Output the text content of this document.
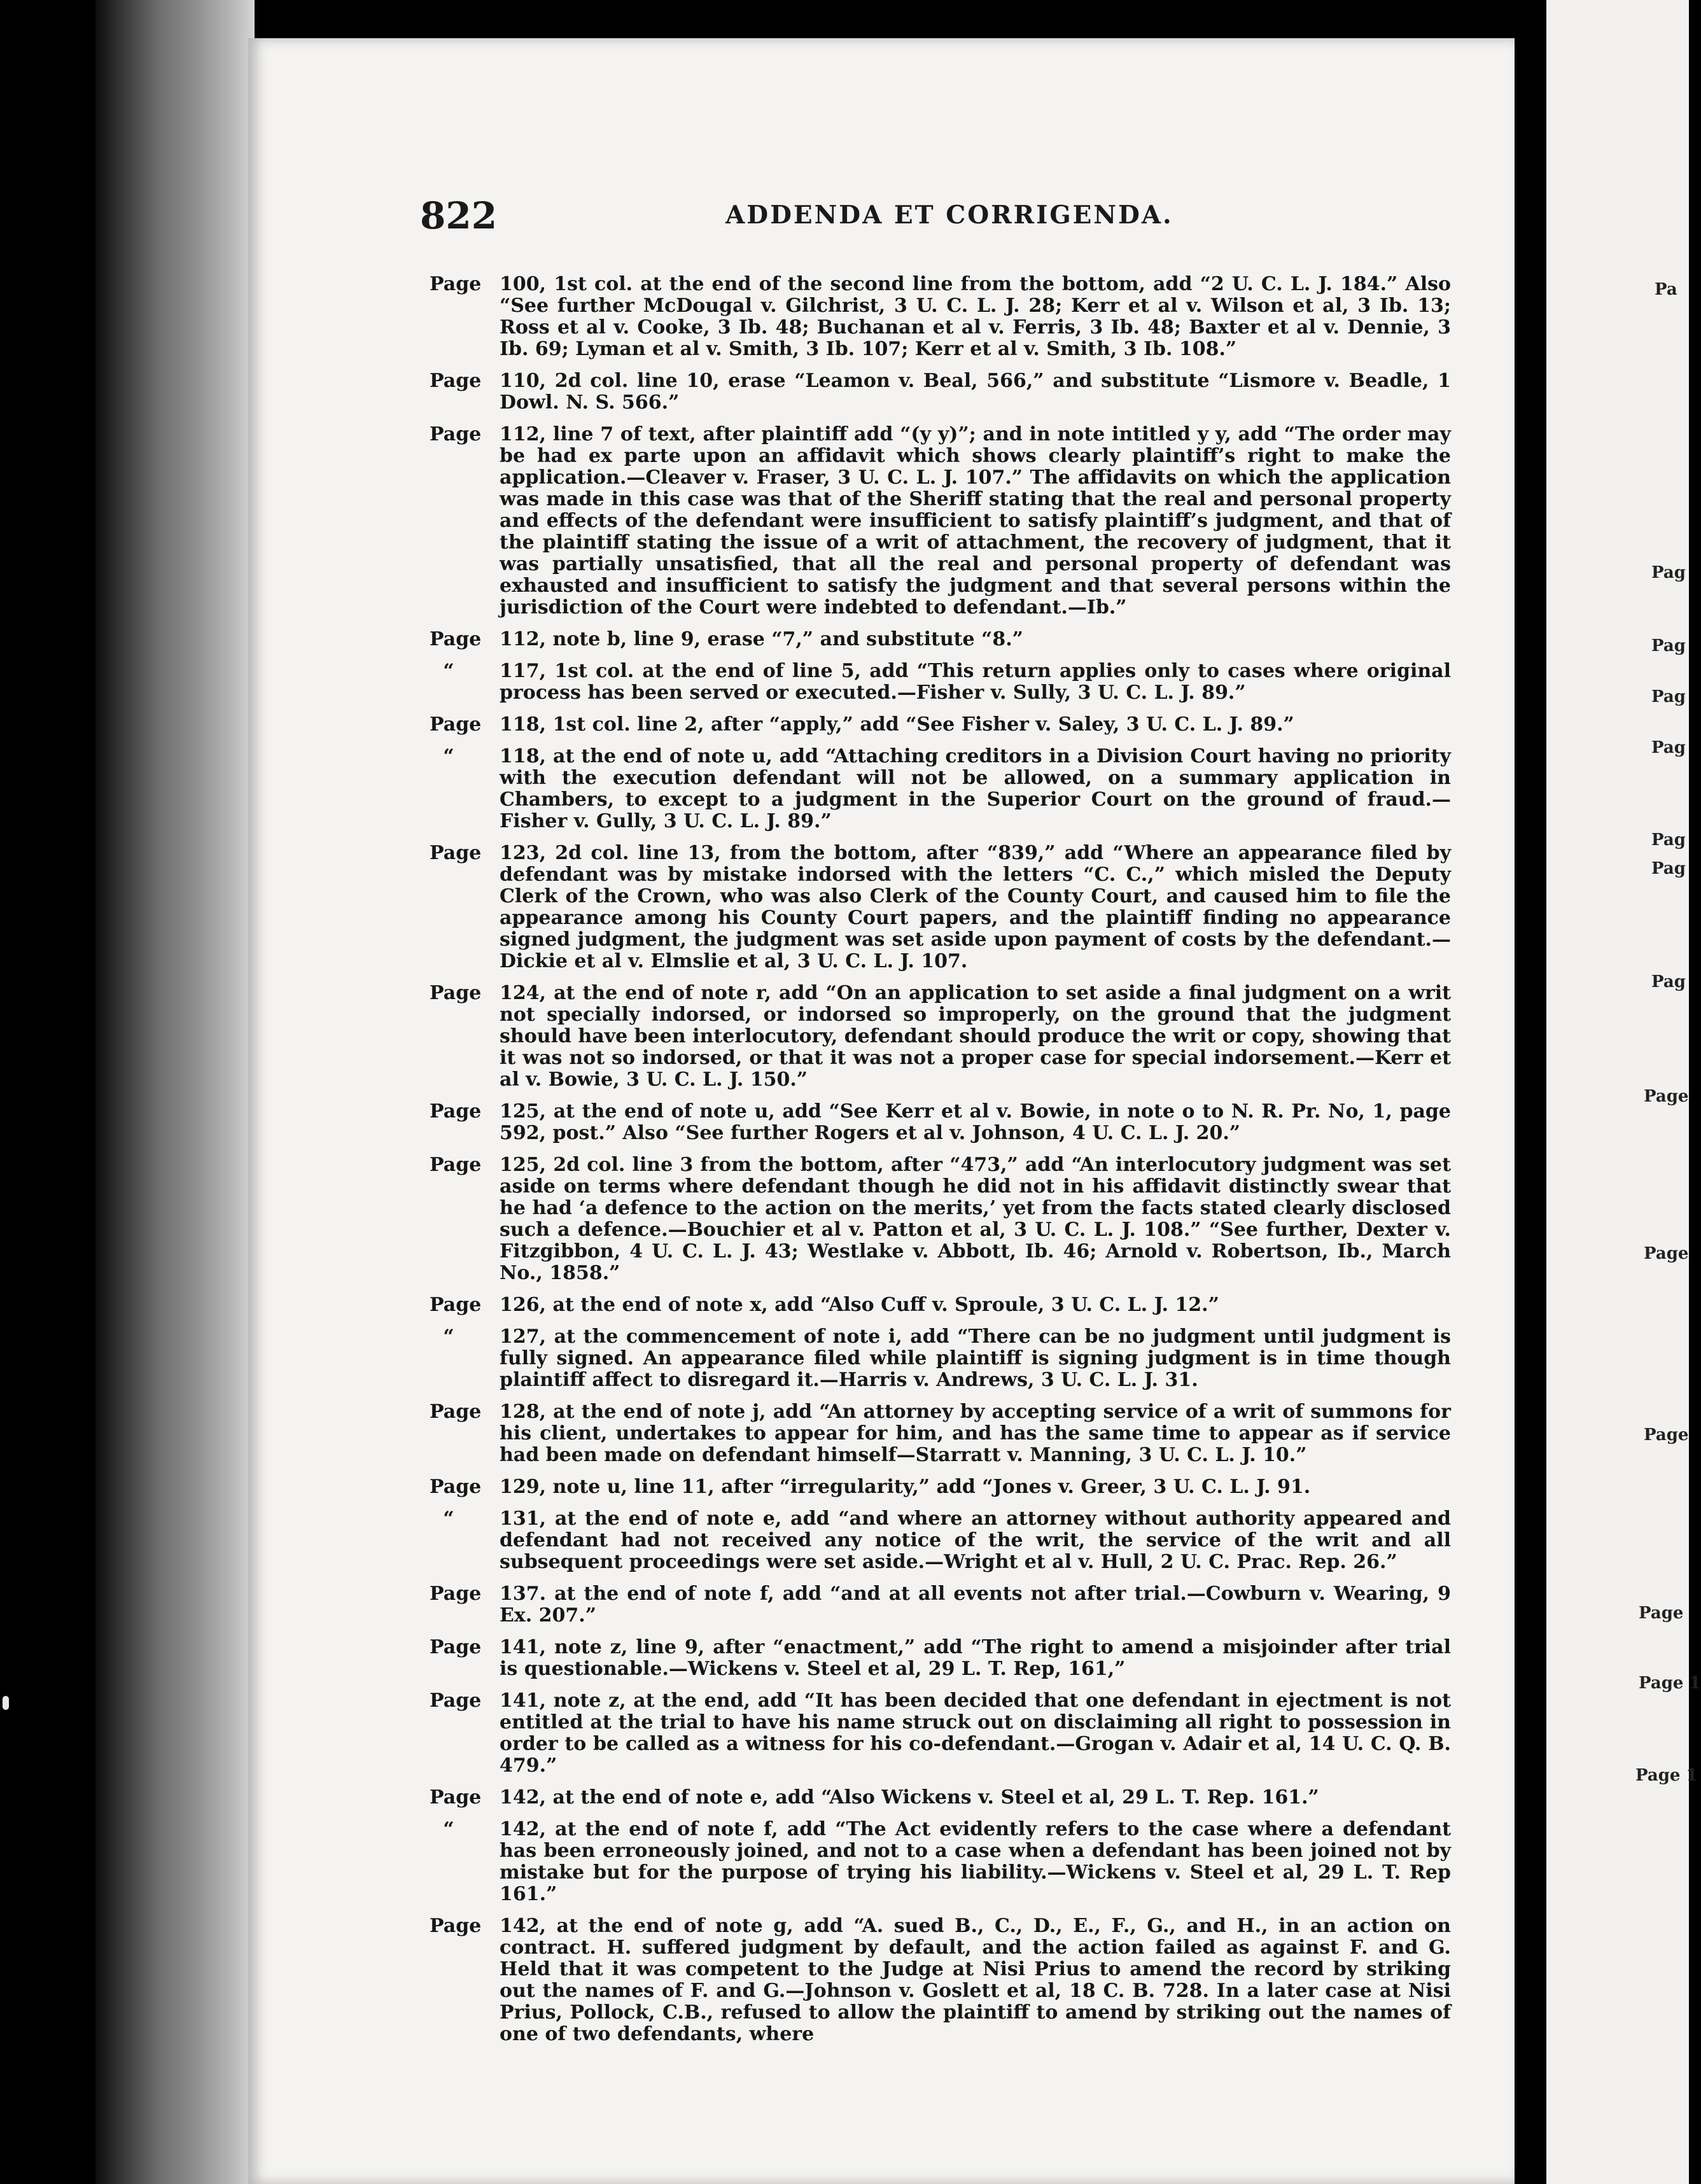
822	ADDENDA ET CORRIGENDA.
Page 100, 1st col. at the end of the second line from the bottom, add “2 U. C. L. J. 184.” Also “See further McDougal v. Gilchrist, 3 U. C. L. J. 28; Kerr et al v. Wilson et al, 3 Ib. 13; Ross et al v. Cooke, 3 Ib. 48; Buchanan et al v. Ferris, 3 Ib. 48; Baxter et al v. Dennie, 3 Ib. 69; Lyman et al v. Smith, 3 Ib. 107; Kerr et al v. Smith, 3 Ib. 108.”
Page 110, 2d col. line 10, erase “Leamon v. Beal, 566,” and substitute “Lismore v. Beadle, 1 Dowl. N. S. 566.”
Page 112, line 7 of text, after plaintiff add “(y y)”; and in note intitled y y, add “The order may be had ex parte upon an affidavit which shows clearly plaintiff’s right to make the application.—Cleaver v. Fraser, 3 U. C. L. J. 107.” The affidavits on which the application was made in this case was that of the Sheriff stating that the real and personal property and effects of the defendant were insufficient to satisfy plaintiff’s judgment, and that of the plaintiff stating the issue of a writ of attachment, the recovery of judgment, that it was partially unsatisfied, that all the real and personal property of defendant was exhausted and insufficient to satisfy the judgment and that several persons within the jurisdiction of the Court were indebted to defendant.—Ib.”
Page 112, note b, line 9, erase “7,” and substitute “8.”
“	117, 1st col. at the end of line 5, add “This return applies only to cases where original process has been served or executed.—Fisher v. Sully, 3 U. C. L. J. 89.”
Page 118, 1st col. line 2, after “apply,” add “See Fisher v. Saley, 3 U. C. L. J. 89.”
“	118, at the end of note u, add “Attaching creditors in a Division Court having no priority with the execution defendant will not be allowed, on a summary application in Chambers, to except to a judgment in the Superior Court on the ground of fraud.—Fisher v. Gully, 3 U. C. L. J. 89.”
Page 123, 2d col. line 13, from the bottom, after “839,” add “Where an appearance filed by defendant was by mistake indorsed with the letters “C. C.,” which misled the Deputy Clerk of the Crown, who was also Clerk of the County Court, and caused him to file the appearance among his County Court papers, and the plaintiff finding no appearance signed judgment, the judgment was set aside upon payment of costs by the defendant.—Dickie et al v. Elmslie et al, 3 U. C. L. J. 107.
Page 124, at the end of note r, add “On an application to set aside a final judgment on a writ not specially indorsed, or indorsed so improperly, on the ground that the judgment should have been interlocutory, defendant should produce the writ or copy, showing that it was not so indorsed, or that it was not a proper case for special indorsement.—Kerr et al v. Bowie, 3 U. C. L. J. 150.”
Page 125, at the end of note u, add “See Kerr et al v. Bowie, in note o to N. R. Pr. No, 1, page 592, post.” Also “See further Rogers et al v. Johnson, 4 U. C. L. J. 20.”
Page 125, 2d col. line 3 from the bottom, after “473,” add “An interlocutory judgment was set aside on terms where defendant though he did not in his affidavit distinctly swear that he had ‘a defence to the action on the merits,’ yet from the facts stated clearly disclosed such a defence.—Bouchier et al v. Patton et al, 3 U. C. L. J. 108.” “See further, Dexter v. Fitzgibbon, 4 U. C. L. J. 43; Westlake v. Abbott, Ib. 46; Arnold v. Robertson, Ib., March No., 1858.”
Page 126, at the end of note x, add “Also Cuff v. Sproule, 3 U. C. L. J. 12.”
“	127, at the commencement of note i, add “There can be no judgment until judgment is fully signed. An appearance filed while plaintiff is signing judgment is in time though plaintiff affect to disregard it.—Harris v. Andrews, 3 U. C. L. J. 31.
Page 128, at the end of note j, add “An attorney by accepting service of a writ of summons for his client, undertakes to appear for him, and has the same time to appear as if service had been made on defendant himself—Starratt v. Manning, 3 U. C. L. J. 10.”
Page 129, note u, line 11, after “irregularity,” add “Jones v. Greer, 3 U. C. L. J. 91.
“	131, at the end of note e, add “and where an attorney without authority appeared and defendant had not received any notice of the writ, the service of the writ and all subsequent proceedings were set aside.—Wright et al v. Hull, 2 U. C. Prac. Rep. 26.”
Page 137. at the end of note f, add “and at all events not after trial.—Cowburn v. Wearing, 9 Ex. 207.”
Page 141, note z, line 9, after “enactment,” add “The right to amend a misjoinder after trial is questionable.—Wickens v. Steel et al, 29 L. T. Rep, 161,”
Page 141, note z, at the end, add “It has been decided that one defendant in ejectment is not entitled at the trial to have his name struck out on disclaiming all right to possession in order to be called as a witness for his co-defendant.—Grogan v. Adair et al, 14 U. C. Q. B. 479.”
Page 142, at the end of note e, add “Also Wickens v. Steel et al, 29 L. T. Rep. 161.”
“	142, at the end of note f, add “The Act evidently refers to the case where a defendant has been erroneously joined, and not to a case when a defendant has been joined not by mistake but for the purpose of trying his liability.—Wickens v. Steel et al, 29 L. T. Rep 161.”
Page 142, at the end of note g, add “A. sued B., C., D., E., F., G., and H., in an action on contract. H. suffered judgment by default, and the action failed as against F. and G. Held that it was competent to the Judge at Nisi Prius to amend the record by striking out the names of F. and G.—Johnson v. Goslett et al, 18 C. B. 728. In a later case at Nisi Prius, Pollock, C.B., refused to allow the plaintiff to amend by striking out the names of one of two defendants, where
Pa
Pag
Pag
Pag
Pag
Pag
Pag
Pag
Page
Page
Page
Page
Page 1
Page 1
